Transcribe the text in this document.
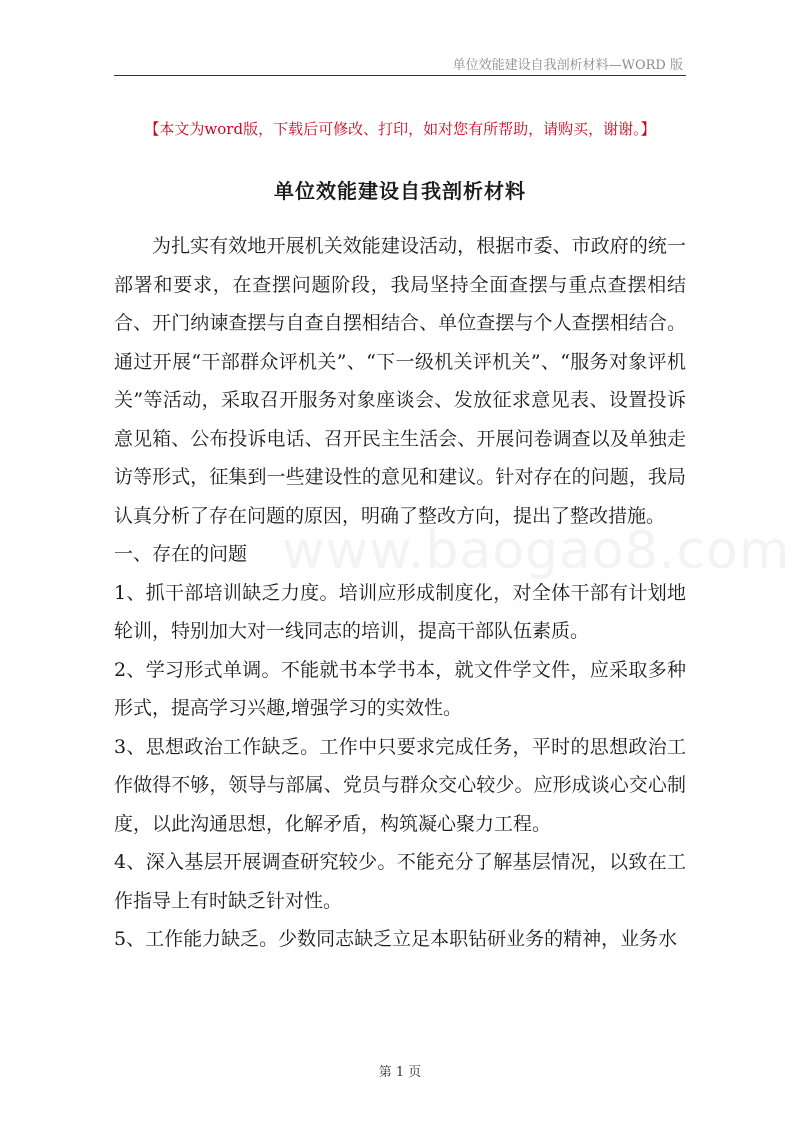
单位效能建设自我剖析材料—WORD 版
【本文为word版，下载后可修改、打印，如对您有所帮助，请购买，谢谢。】
单位效能建设自我剖析材料

为扎实有效地开展机关效能建设活动，根据市委、市政府的统一部署和要求，在查摆问题阶段，我局坚持全面查摆与重点查摆相结合、开门纳谏查摆与自查自摆相结合、单位查摆与个人查摆相结合。通过开展“干部群众评机关”、“下一级机关评机关”、“服务对象评机关”等活动，采取召开服务对象座谈会、发放征求意见表、设置投诉意见箱、公布投诉电话、召开民主生活会、开展问卷调查以及单独走访等形式，征集到一些建设性的意见和建议。针对存在的问题，我局认真分析了存在问题的原因，明确了整改方向，提出了整改措施。

一、存在的问题

1、抓干部培训缺乏力度。培训应形成制度化，对全体干部有计划地轮训，特别加大对一线同志的培训，提高干部队伍素质。

2、学习形式单调。不能就书本学书本，就文件学文件，应采取多种形式，提高学习兴趣,增强学习的实效性。

3、思想政治工作缺乏。工作中只要求完成任务，平时的思想政治工作做得不够，领导与部属、党员与群众交心较少。应形成谈心交心制度，以此沟通思想，化解矛盾，构筑凝心聚力工程。

4、深入基层开展调查研究较少。不能充分了解基层情况，以致在工作指导上有时缺乏针对性。

5、工作能力缺乏。少数同志缺乏立足本职钻研业务的精神，业务水

www.baogao8.com
第 1 页
